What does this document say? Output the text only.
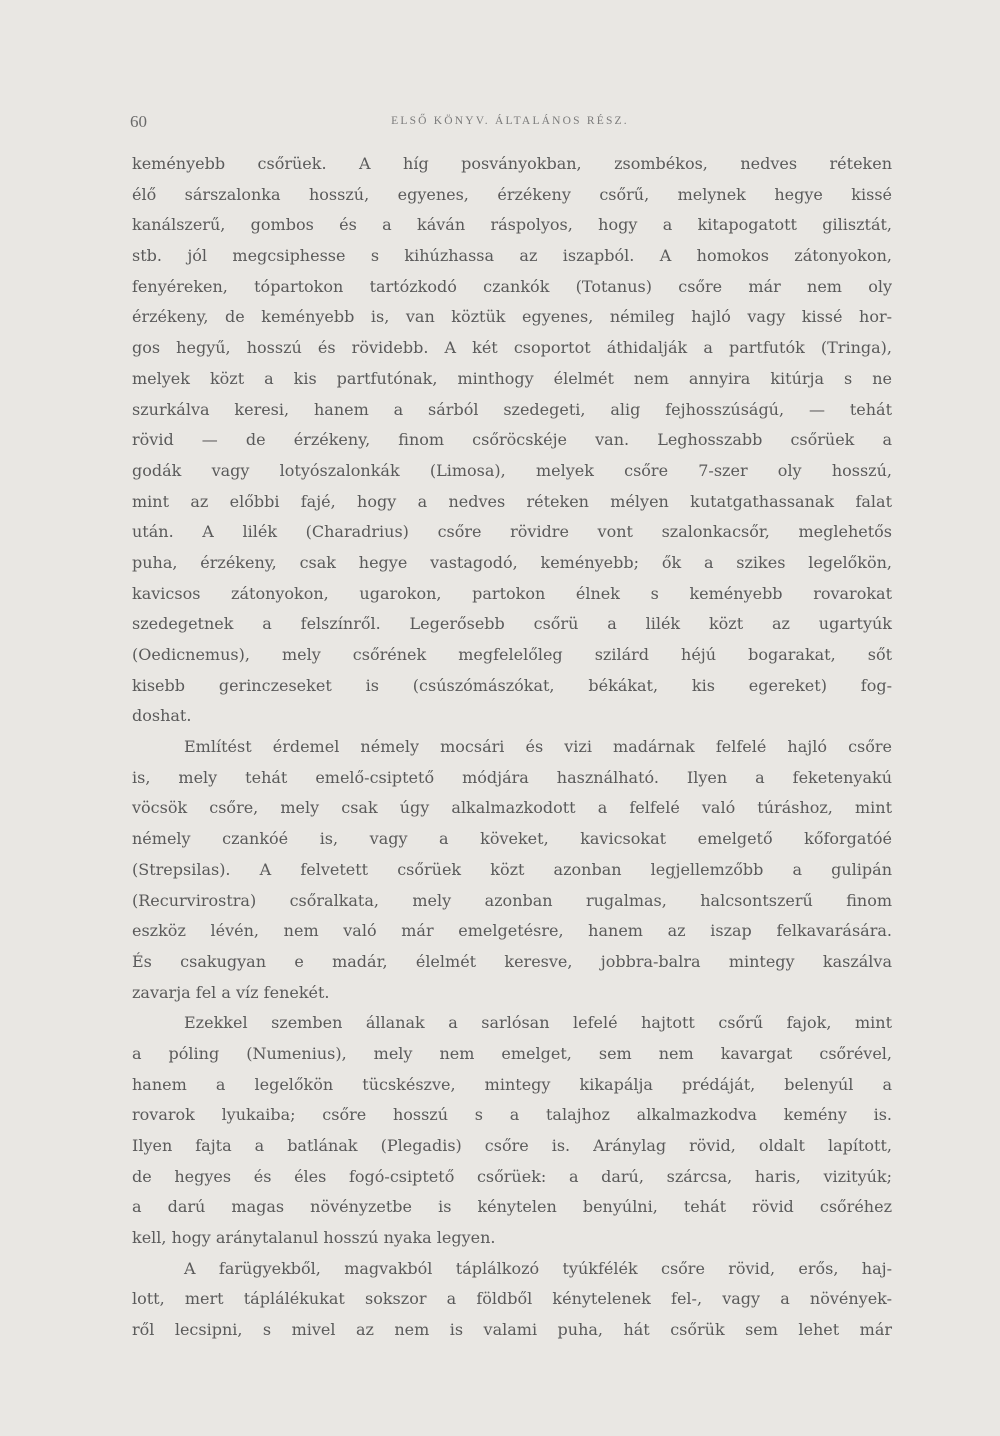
60	ELSŐ KÖNYV. ÁLTALÁNOS RÉSZ.
keményebb csőrüek. A híg posványokban, zsombékos, nedves réteken
élő sárszalonka hosszú, egyenes, érzékeny csőrű, melynek hegye kissé
kanálszerű, gombos és a káván ráspolyos, hogy a kitapogatott gilisztát,
stb. jól megcsiphesse s kihúzhassa az iszapból. A homokos zátonyokon,
fenyéreken, tópartokon tartózkodó czankók (Totanus) csőre már nem oly
érzékeny, de keményebb is, van köztük egyenes, némileg hajló vagy kissé hor-
gos hegyű, hosszú és rövidebb. A két csoportot áthidalják a partfutók (Tringa),
melyek közt a kis partfutónak, minthogy élelmét nem annyira kitúrja s ne
szurkálva keresi, hanem a sárból szedegeti, alig fejhosszúságú, — tehát
rövid — de érzékeny, finom csőröcskéje van. Leghosszabb csőrüek a
godák vagy lotyószalonkák (Limosa), melyek csőre 7-szer oly hosszú,
mint az előbbi fajé, hogy a nedves réteken mélyen kutatgathassanak falat
után. A lilék (Charadrius) csőre rövidre vont szalonkacsőr, meglehetős
puha, érzékeny, csak hegye vastagodó, keményebb; ők a szikes legelőkön,
kavicsos zátonyokon, ugarokon, partokon élnek s keményebb rovarokat
szedegetnek a felszínről. Legerősebb csőrü a lilék közt az ugartyúk
(Oedicnemus), mely csőrének megfelelőleg szilárd héjú bogarakat, sőt
kisebb gerinczeseket is (csúszómászókat, békákat, kis egereket) fog-
doshat.
Említést érdemel némely mocsári és vizi madárnak felfelé hajló csőre
is, mely tehát emelő-csiptető módjára használható. Ilyen a feketenyakú
vöcsök csőre, mely csak úgy alkalmazkodott a felfelé való túráshoz, mint
némely czankóé is, vagy a köveket, kavicsokat emelgető kőforgatóé
(Strepsilas). A felvetett csőrüek közt azonban legjellemzőbb a gulipán
(Recurvirostra) csőralkata, mely azonban rugalmas, halcsontszerű finom
eszköz lévén, nem való már emelgetésre, hanem az iszap felkavarására.
És csakugyan e madár, élelmét keresve, jobbra-balra mintegy kaszálva
zavarja fel a víz fenekét.
Ezekkel szemben állanak a sarlósan lefelé hajtott csőrű fajok, mint
a póling (Numenius), mely nem emelget, sem nem kavargat csőrével,
hanem a legelőkön tücskészve, mintegy kikapálja prédáját, belenyúl a
rovarok lyukaiba; csőre hosszú s a talajhoz alkalmazkodva kemény is.
Ilyen fajta a batlának (Plegadis) csőre is. Aránylag rövid, oldalt lapított,
de hegyes és éles fogó-csiptető csőrüek: a darú, szárcsa, haris, vizityúk;
a darú magas növényzetbe is kénytelen benyúlni, tehát rövid csőréhez
kell, hogy aránytalanul hosszú nyaka legyen.
A farügyekből, magvakból táplálkozó tyúkfélék csőre rövid, erős, haj-
lott, mert táplálékukat sokszor a földből kénytelenek fel-, vagy a növények-
ről lecsipni, s mivel az nem is valami puha, hát csőrük sem lehet már
